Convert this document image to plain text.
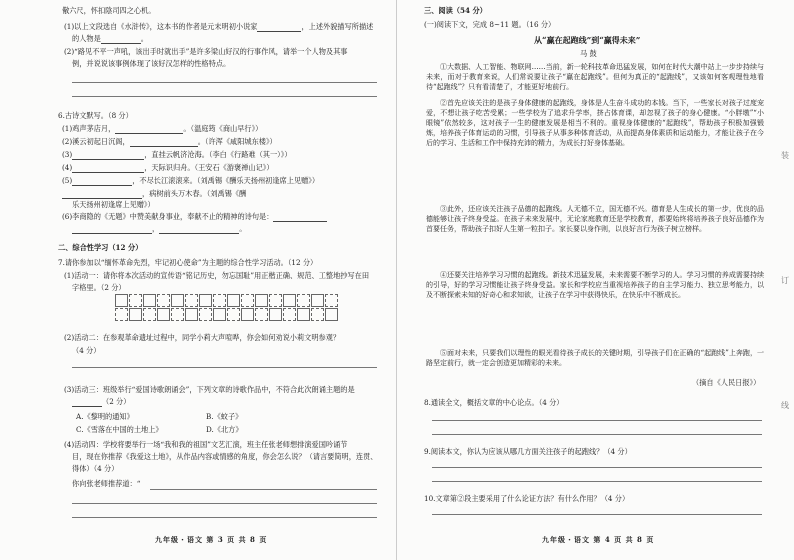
儆六尺，怀扣陰司四之心机。
(1)以上文段选自《水浒传》，这本书的作者是元末明初小说家	，上述外貌描写所描述
的人物是	。
(2)“路见不平一声吼，该出手时就出手”是许多梁山好汉的行事作风，请举一个人物及其事
例，并说说该事例体现了该好汉怎样的性格特点。
6.古诗文默写。（8 分）
(1)鸡声茅店月，	。（温庭筠《商山早行》）
(2)溪云初起日沉阁，	。（许浑《咸阳城东楼》）
(3)	，直挂云帆济沧海。（李白《行路难（其一）》）
(4)	，天际识归舟。（王安石《游褒禅山记》）
(5)	，不尽长江滚滚来。（刘禹锡《酬乐天扬州初逢席上见赠》）
，病树前头万木春。（刘禹锡《酬
乐天扬州初逢席上见赠》）
(6)李商隐的《无题》中赞美献身事业，奉献不止的精神的诗句是：
，	。
二、综合性学习（12 分）
7.请你参加以“缅怀革命先烈，牢记初心使命”为主题的综合性学习活动。（12 分）
(1)活动一：请你将本次活动的宣传语“铭记历史，勿忘国耻”用正楷正确、规范、工整地抄写在田
字格里。（2 分）
(2)活动二：在参观革命遗址过程中，同学小莉大声喧哗，你会如何劝说小莉文明参观？
（4 分）
(3)活动三：班级举行“爱国诗歌朗诵会”，下列文章的诗歌作品中，不符合此次朗诵主题的是
（2 分）
A.《黎明的通知》	B.《蚊子》
C.《雪落在中国的土地上》	D.《北方》
(4)活动四：学校将要举行一场“我和我的祖国”文艺汇演，班主任张老师想排演爱国吟诵节
目，现在你推荐《我爱这土地》，从作品内容或情感的角度，你会怎么说？（请言要简明，连贯、
得体）（4 分）
你向张老师推荐道：“
九年级・语文 第 3 页 共 8 页
三、阅读（54 分）
(一)阅读下文，完成 8~11 题。（16 分）
从“赢在起跑线”到“赢得未来”
马 鼓
①大数据、人工智能、物联网……当前，新一轮科技革命迅猛发展，如何在时代大潮中站上一步步持续与未来，而对于教育来说，人们常说要让孩子“赢在起跑线”。但何为真正的“起跑线”，又该如何客观理性地看待“起跑线”？只有看清楚了，才能更好地前行。
②首先应该关注的是孩子身体健康的起跑线，身体是人生奋斗成功的本钱。当下，一些家长对孩子过度宠爱，不想让孩子吃苦受累；一些学校为了追求升学率，挤占体育课，却忽视了孩子的身心健康。“小胖墩”“小眼镜”依然较多，这对孩子一生的健康发展是相当不利的。重视身体健康的“起跑线”，帮助孩子积极加强锻炼，培养孩子体育运动的习惯，引导孩子从事多种体育活动，从而提高身体素质和运动能力，才能让孩子在今后的学习、生活和工作中保持充沛的精力，为成长打好身体基础。
③此外，还应该关注孩子品德的起跑线。人无德不立，国无德不兴。德育是人生成长的第一步，优良的品德能够让孩子终身受益。在孩子未来发展中，无论家庭教育还是学校教育，都要始终将培养孩子良好品德作为首要任务，帮助孩子扣好人生第一粒扣子。家长要以身作则，以良好言行为孩子树立榜样。
④还要关注培养学习习惯的起跑线。新技术迅猛发展，未来需要不断学习的人。学习习惯的养成需要持续的引导，好的学习习惯能让孩子终身受益。家长和学校应当重视培养孩子的自主学习能力、独立思考能力，以及不断探索未知的好奇心和求知欲，让孩子在学习中获得快乐，在快乐中不断成长。
⑤面对未来，只要我们以理性的眼光看待孩子成长的关键时期，引导孩子们在正确的“起跑线”上奔跑，一路坚定前行，就一定会创造更加精彩的未来。
（摘自《人民日报》）
8.通读全文，概括文章的中心论点。（4 分）
9.阅读本文，你认为应该从哪几方面关注孩子的起跑线？（4 分）
10.文章第②段主要采用了什么论证方法？有什么作用？（4 分）
九年级・语文 第 4 页 共 8 页
装
订
线
